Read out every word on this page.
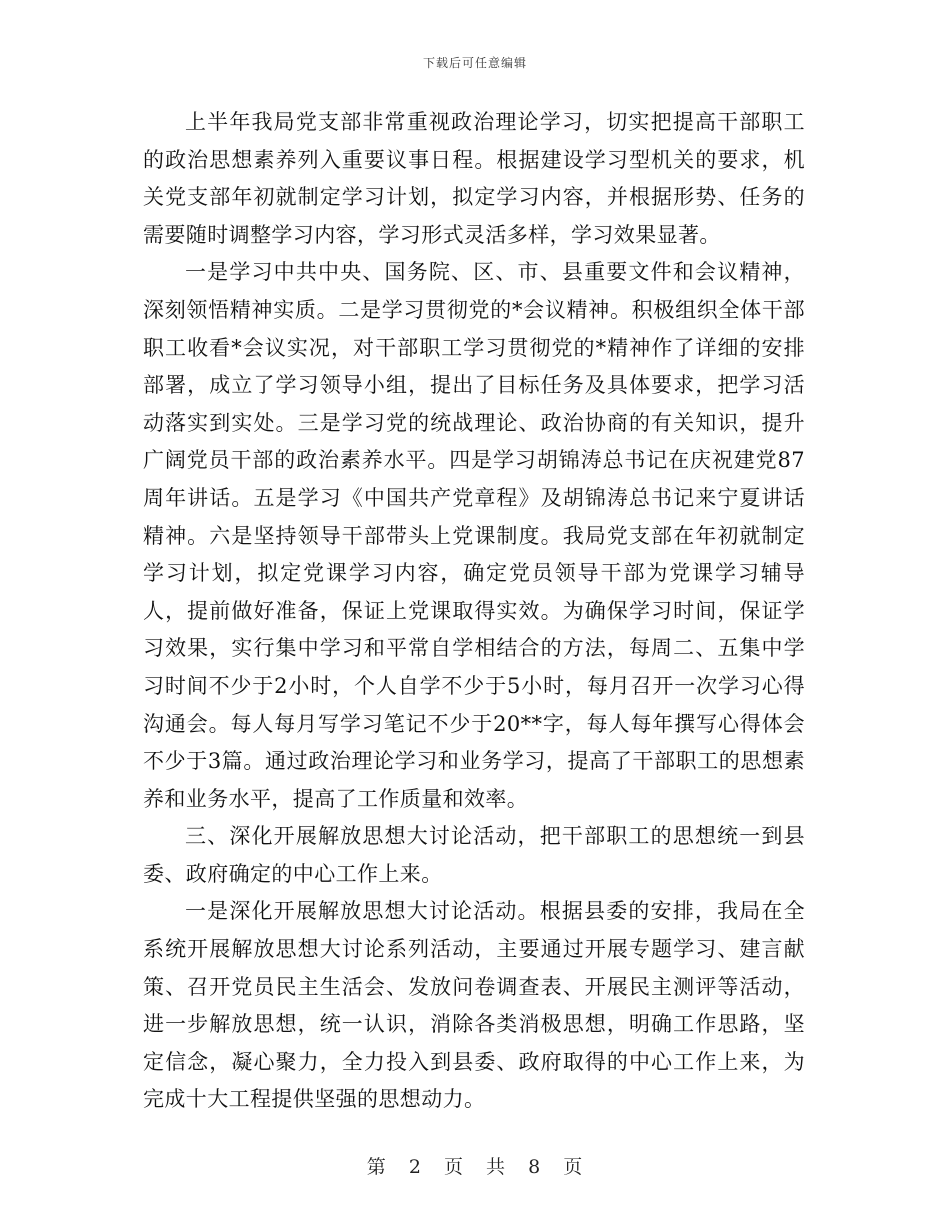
下载后可任意编辑

上半年我局党支部非常重视政治理论学习，切实把提高干部职工的政治思想素养列入重要议事日程。根据建设学习型机关的要求，机关党支部年初就制定学习计划，拟定学习内容，并根据形势、任务的需要随时调整学习内容，学习形式灵活多样，学习效果显著。

一是学习中共中央、国务院、区、市、县重要文件和会议精神，深刻领悟精神实质。二是学习贯彻党的*会议精神。积极组织全体干部职工收看*会议实况，对干部职工学习贯彻党的*精神作了详细的安排部署，成立了学习领导小组，提出了目标任务及具体要求，把学习活动落实到实处。三是学习党的统战理论、政治协商的有关知识，提升广阔党员干部的政治素养水平。四是学习胡锦涛总书记在庆祝建党87周年讲话。五是学习《中国共产党章程》及胡锦涛总书记来宁夏讲话精神。六是坚持领导干部带头上党课制度。我局党支部在年初就制定学习计划，拟定党课学习内容，确定党员领导干部为党课学习辅导人，提前做好准备，保证上党课取得实效。为确保学习时间，保证学习效果，实行集中学习和平常自学相结合的方法，每周二、五集中学习时间不少于2小时，个人自学不少于5小时，每月召开一次学习心得沟通会。每人每月写学习笔记不少于20**字，每人每年撰写心得体会不少于3篇。通过政治理论学习和业务学习，提高了干部职工的思想素养和业务水平，提高了工作质量和效率。

三、深化开展解放思想大讨论活动，把干部职工的思想统一到县委、政府确定的中心工作上来。

一是深化开展解放思想大讨论活动。根据县委的安排，我局在全系统开展解放思想大讨论系列活动，主要通过开展专题学习、建言献策、召开党员民主生活会、发放问卷调查表、开展民主测评等活动，进一步解放思想，统一认识，消除各类消极思想，明确工作思路，坚定信念，凝心聚力，全力投入到县委、政府取得的中心工作上来，为完成十大工程提供坚强的思想动力。

第 2 页 共 8 页
